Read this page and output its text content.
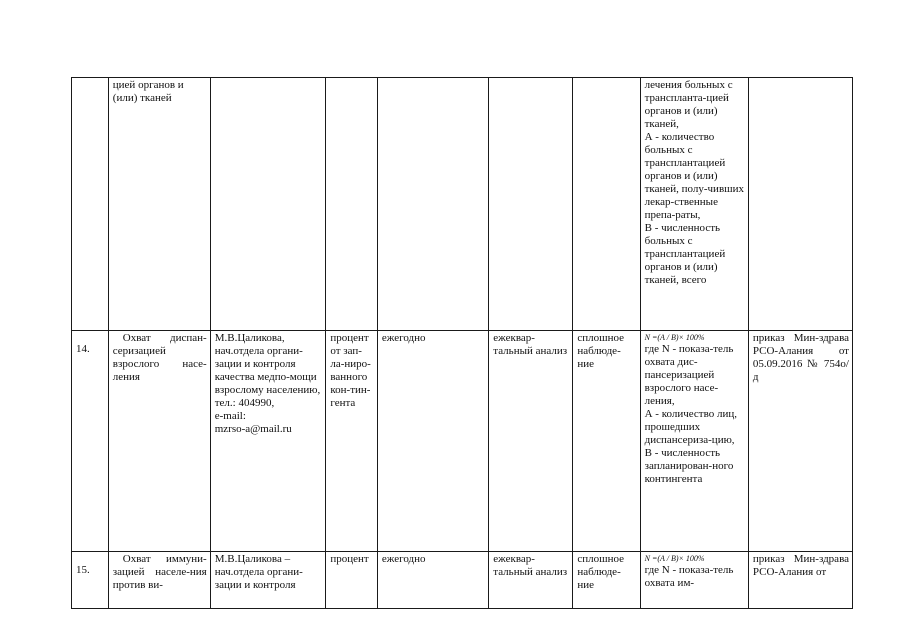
	цией органов и (или) тканей						лечения больных с транспланта-цией органов и (или) тканей,
А - количество больных с трансплантацией органов и (или) тканей, полу-чивших лекар-ственные препа-раты,
В - численность больных с трансплантацией органов и (или) тканей, всего	

14.	Охват диспан-серизацией взрослого насе-ления	М.В.Цаликова,
нач.отдела органи-зации и контроля качества медпо-мощи взрослому населению,
тел.: 404990,
e-mail:
mzrso-a@mail.ru	процент от зап-ла-ниро-ванного кон-тин-гента	ежегодно	ежеквар-тальный анализ	сплошное наблюде-ние	N =(A / B)× 100%
где N - показа-тель охвата дис-пансеризацией взрослого насе-ления,
А - количество лиц, прошедших диспансериза-цию,
В - численность запланирован-ного контингента	приказ Мин-здрава РСО-Алания от 05.09.2016 № 754о/д
15.	Охват иммуни-зацией населе-ния против ви-	М.В.Цаликова –
нач.отдела органи-зации и контроля	процент	ежегодно	ежеквар-тальный анализ	сплошное наблюде-ние	N =(A / B)× 100%
где N - показа-тель охвата им-	приказ Мин-здрава РСО-Алания от
